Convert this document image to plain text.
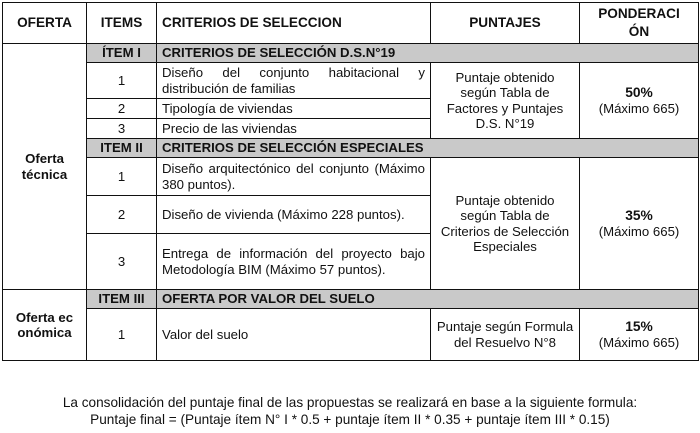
OFERTA	ITEMS	CRITERIOS DE SELECCION	PUNTAJES	PONDERACIÓN
Oferta técnica	ÍTEM I	CRITERIOS DE SELECCIÓN D.S.N°19		
	1	Diseño del conjunto habitacional y distribución de familias	Puntaje obtenido según Tabla de Factores y Puntajes D.S. N°19	50%
(Máximo 665)

	2	Tipología de viviendas		
	3	Precio de las viviendas		
	ITEM II	CRITERIOS DE SELECCIÓN ESPECIALES		
	1	Diseño arquitectónico del conjunto (Máximo 380 puntos).	Puntaje obtenido según Tabla de Criterios de Selección Especiales	35%
(Máximo 665)

	2	Diseño de vivienda (Máximo 228 puntos).		
	3	Entrega de información del proyecto bajo Metodología BIM (Máximo 57 puntos).		
Oferta económica	ITEM III	OFERTA POR VALOR DEL SUELO		
	1	Valor del suelo	Puntaje según Formula del Resuelvo N°8	15%
(Máximo 665)
La consolidación del puntaje final de las propuestas se realizará en base a la siguiente formula:
Puntaje final = (Puntaje ítem N° I * 0.5 + puntaje ítem II * 0.35 + puntaje ítem III * 0.15)
